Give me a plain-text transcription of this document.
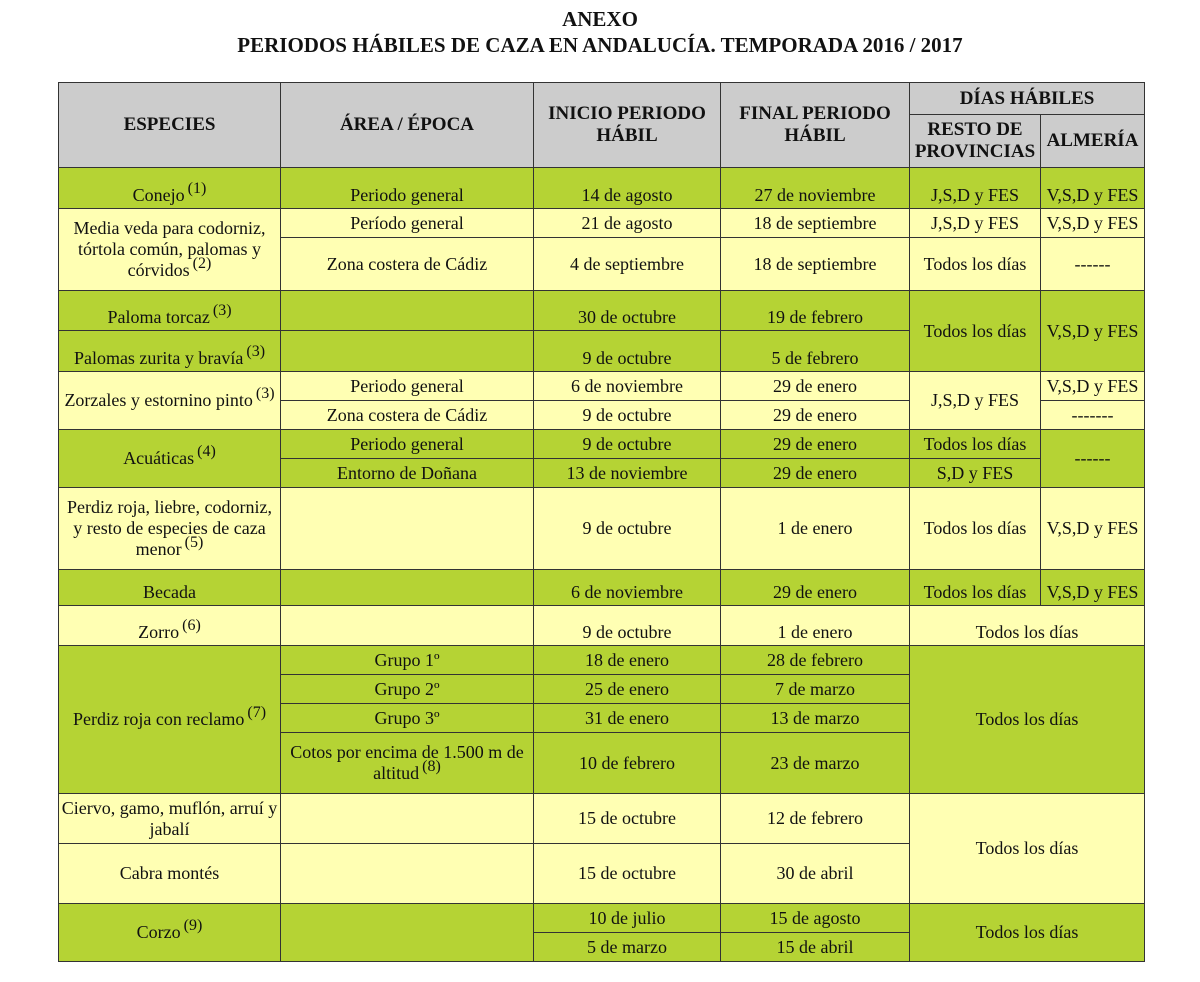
ANEXO
PERIODOS HÁBILES DE CAZA EN ANDALUCÍA. TEMPORADA 2016 / 2017
ESPECIES	ÁREA / ÉPOCA	INICIO PERIODO HÁBIL	FINAL PERIODO HÁBIL	DÍAS HÁBILES	
				RESTO DE PROVINCIAS	ALMERÍA
Conejo $^{(1)}$	Periodo general	14 de agosto	27 de noviembre	J,S,D y FES	V,S,D y FES
Media veda para codorniz, tórtola común, palomas y córvidos $^{(2)}$	Período general	21 de agosto	18 de septiembre	J,S,D y FES	V,S,D y FES
	Zona costera de Cádiz	4 de septiembre	18 de septiembre	Todos los días	------
Paloma torcaz $^{(3)}$		30 de octubre	19 de febrero	Todos los días	V,S,D y FES
Palomas zurita y bravía $^{(3)}$		9 de octubre	5 de febrero		
Zorzales y estornino pinto $^{(3)}$	Periodo general	6 de noviembre	29 de enero	J,S,D y FES	V,S,D y FES
	Zona costera de Cádiz	9 de octubre	29 de enero		-------
Acuáticas $^{(4)}$	Periodo general	9 de octubre	29 de enero	Todos los días	------
	Entorno de Doñana	13 de noviembre	29 de enero	S,D y FES	
Perdiz roja, liebre, codorniz, y resto de especies de caza menor $^{(5)}$		9 de octubre	1 de enero	Todos los días	V,S,D y FES
Becada		6 de noviembre	29 de enero	Todos los días	V,S,D y FES
Zorro $^{(6)}$		9 de octubre	1 de enero	Todos los días	
Perdiz roja con reclamo $^{(7)}$	Grupo 1º	18 de enero	28 de febrero	Todos los días	
	Grupo 2º	25 de enero	7 de marzo		
	Grupo 3º	31 de enero	13 de marzo		
	Cotos por encima de 1.500 m de altitud $^{(8)}$	10 de febrero	23 de marzo		
Ciervo, gamo, muflón, arruí y jabalí		15 de octubre	12 de febrero	Todos los días	
Cabra montés		15 de octubre	30 de abril		
Corzo $^{(9)}$		10 de julio	15 de agosto	Todos los días	
		5 de marzo	15 de abril		
